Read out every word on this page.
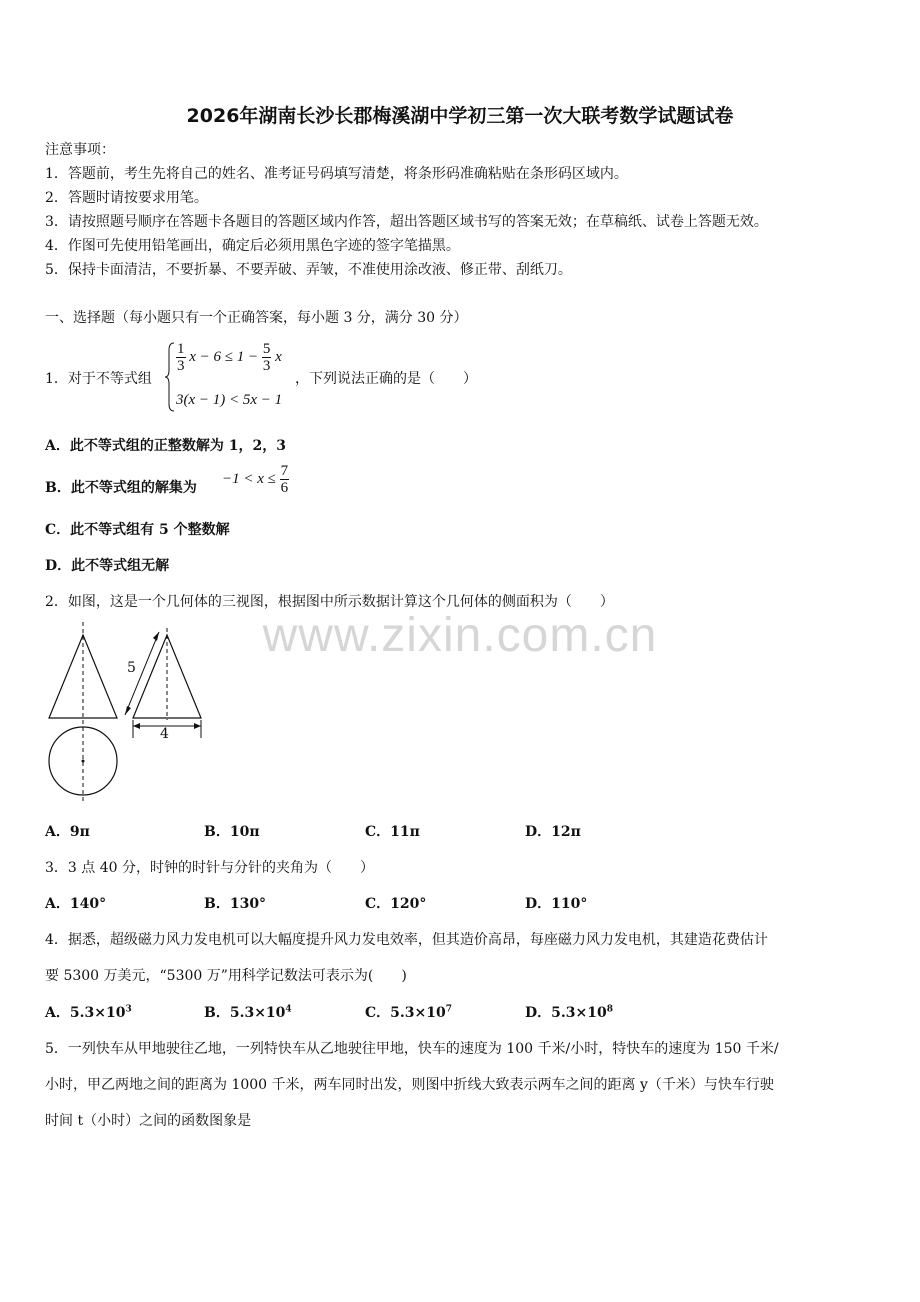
2026年湖南长沙长郡梅溪湖中学初三第一次大联考数学试题试卷
注意事项：
1．答题前，考生先将自己的姓名、准考证号码填写清楚，将条形码准确粘贴在条形码区域内。
2．答题时请按要求用笔。
3．请按照题号顺序在答题卡各题目的答题区域内作答，超出答题区域书写的答案无效；在草稿纸、试卷上答题无效。
4．作图可先使用铅笔画出，确定后必须用黑色字迹的签字笔描黑。
5．保持卡面清洁，不要折暴、不要弄破、弄皱，不准使用涂改液、修正带、刮纸刀。
一、选择题（每小题只有一个正确答案，每小题 3 分，满分 30 分）
1．对于不等式组
$\frac{1}{3}$ $x - 6 \le 1 - \frac{5}{3}$ x
3(x − 1) < 5x − 1
，下列说法正确的是（　　）
A．此不等式组的正整数解为 1，2，3
B．此不等式组的解集为
$-1 < x \le \frac{7}{6}$
C．此不等式组有 5 个整数解
D．此不等式组无解
2．如图，这是一个几何体的三视图，根据图中所示数据计算这个几何体的侧面积为（　　）
www.zixin.com.cn
5
4
A．9π	B．10π	C．11π	D．12π
3．3 点 40 分，时钟的时针与分针的夹角为（　　）
A．140°	B．130°	C．120°	D．110°
4．据悉，超级磁力风力发电机可以大幅度提升风力发电效率，但其造价高昂，每座磁力风力发电机，其建造花费估计
要 5300 万美元，“5300 万”用科学记数法可表示为(　　)
A．$5.3\times 10^3$	B．$5.3\times 10^4$	C．$5.3\times 10^7$	D．$5.3\times 10^8$
5．一列快车从甲地驶往乙地，一列特快车从乙地驶往甲地，快车的速度为 100 千米/小时，特快车的速度为 150 千米/
小时，甲乙两地之间的距离为 1000 千米，两车同时出发，则图中折线大致表示两车之间的距离 y（千米）与快车行驶
时间 t（小时）之间的函数图象是
